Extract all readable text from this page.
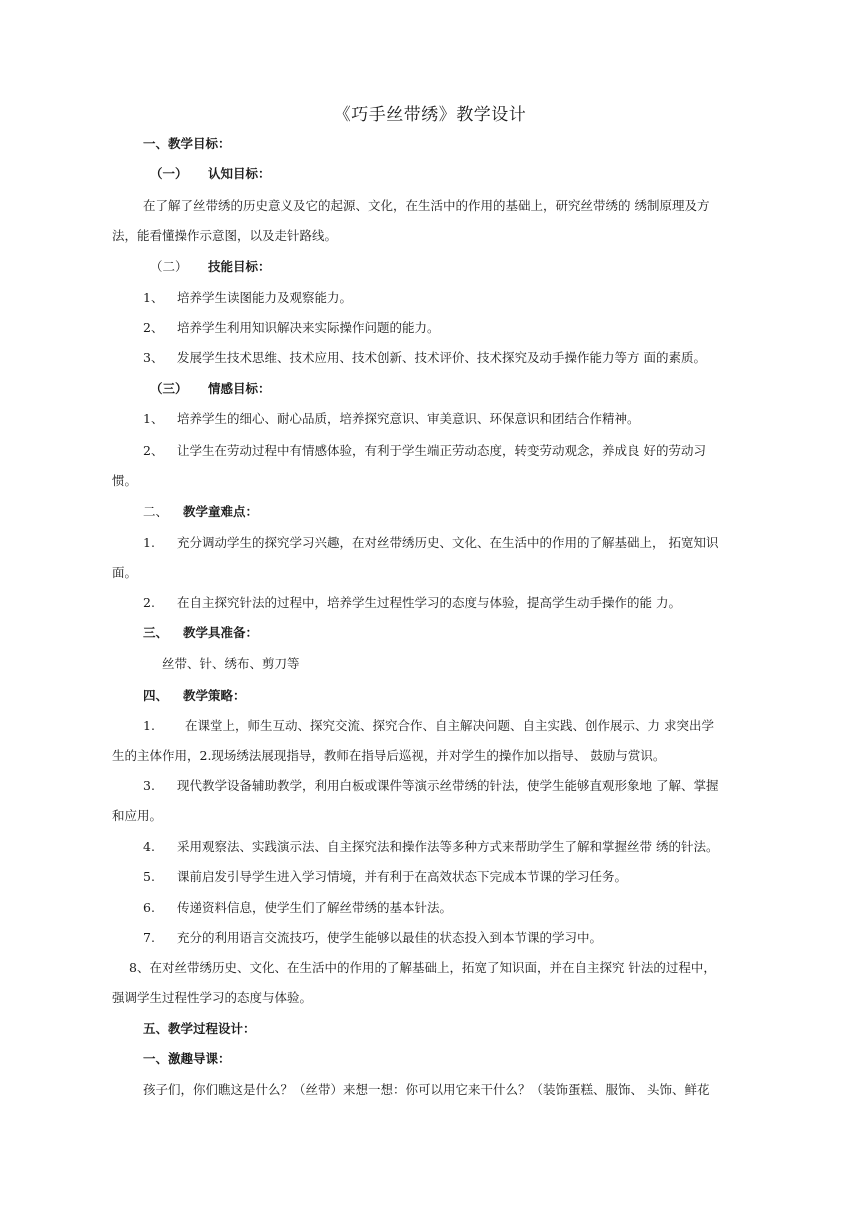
《巧手丝带绣》教学设计
一、教学目标：
（一） 认知目标：
在了解了丝带绣的历史意义及它的起源、文化，在生活中的作用的基础上，研究丝带绣的 绣制原理及方
法，能看懂操作示意图，以及走针路线。
（二） 技能目标：
1、 培养学生读图能力及观察能力。
2、 培养学生利用知识解决来实际操作问题的能力。
3、 发展学生技术思维、技术应用、技术创新、技术评价、技术探究及动手操作能力等方 面的素质。
（三） 情感目标：
1、 培养学生的细心、耐心品质，培养探究意识、审美意识、环保意识和团结合作精神。
2、 让学生在劳动过程中有情感体验，有利于学生端正劳动态度，转变劳动观念，养成良 好的劳动习
惯。
二、 教学童难点：
1. 充分调动学生的探究学习兴趣，在对丝带绣历史、文化、在生活中的作用的了解基础上， 拓宽知识
面。
2. 在自主探究针法的过程中，培养学生过程性学习的态度与体验，提高学生动手操作的能 力。
三、 教学具准备：
丝带、针、绣布、剪刀等
四、 教学策略：
1. 在课堂上，师生互动、探究交流、探究合作、自主解决问题、自主实践、创作展示、力 求突出学
生的主体作用，2.现场绣法展现指导，教师在指导后巡视，并对学生的操作加以指导、 鼓励与赏识。
3. 现代教学设备辅助教学，利用白板或课件等演示丝带绣的针法，使学生能够直观形象地 了解、掌握
和应用。
4. 采用观察法、实践演示法、自主探究法和操作法等多种方式来帮助学生了解和掌握丝带 绣的针法。
5. 课前启发引导学生进入学习情境，并有利于在高效状态下完成本节课的学习任务。
6. 传递资料信息，使学生们了解丝带绣的基本针法。
7. 充分的利用语言交流技巧，使学生能够以最佳的状态投入到本节课的学习中。
8、在对丝带绣历史、文化、在生活中的作用的了解基础上，拓宽了知识面，并在自主探究 针法的过程中，
强调学生过程性学习的态度与体验。
五、教学过程设计：
一、激趣导课：
孩子们，你们瞧这是什么？（丝带）来想一想：你可以用它来干什么？（装饰蛋糕、服饰、 头饰、鲜花
